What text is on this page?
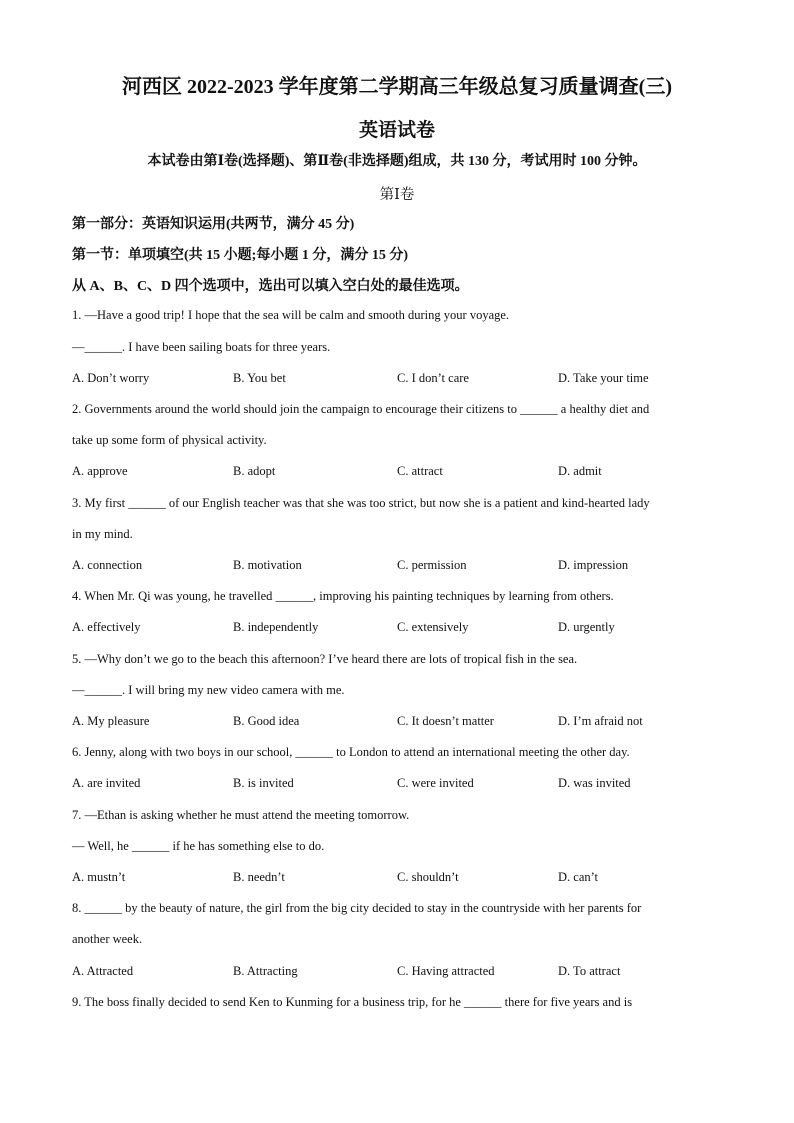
河西区 2022-2023 学年度第二学期高三年级总复习质量调查(三)
英语试卷
本试卷由第Ⅰ卷(选择题)、第Ⅱ卷(非选择题)组成，共 130 分，考试用时 100 分钟。
第Ⅰ卷
第一部分：英语知识运用(共两节，满分 45 分)
第一节：单项填空(共 15 小题;每小题 1 分，满分 15 分)
从 A、B、C、D 四个选项中，选出可以填入空白处的最佳选项。
1. —Have a good trip! I hope that the sea will be calm and smooth during your voyage.
—______. I have been sailing boats for three years.
A. Don’t worry	B. You bet	C. I don’t care	D. Take your time
2. Governments around the world should join the campaign to encourage their citizens to ______ a healthy diet and
take up some form of physical activity.
A. approve	B. adopt	C. attract	D. admit
3. My first ______ of our English teacher was that she was too strict, but now she is a patient and kind-hearted lady
in my mind.
A. connection	B. motivation	C. permission	D. impression
4. When Mr. Qi was young, he travelled ______, improving his painting techniques by learning from others.
A. effectively	B. independently	C. extensively	D. urgently
5. —Why don’t we go to the beach this afternoon? I’ve heard there are lots of tropical fish in the sea.
—______. I will bring my new video camera with me.
A. My pleasure	B. Good idea	C. It doesn’t matter	D. I’m afraid not
6. Jenny, along with two boys in our school, ______ to London to attend an international meeting the other day.
A. are invited	B. is invited	C. were invited	D. was invited
7. —Ethan is asking whether he must attend the meeting tomorrow.
— Well, he ______ if he has something else to do.
A. mustn’t	B. needn’t	C. shouldn’t	D. can’t
8. ______ by the beauty of nature, the girl from the big city decided to stay in the countryside with her parents for
another week.
A. Attracted	B. Attracting	C. Having attracted	D. To attract
9. The boss finally decided to send Ken to Kunming for a business trip, for he ______ there for five years and is
